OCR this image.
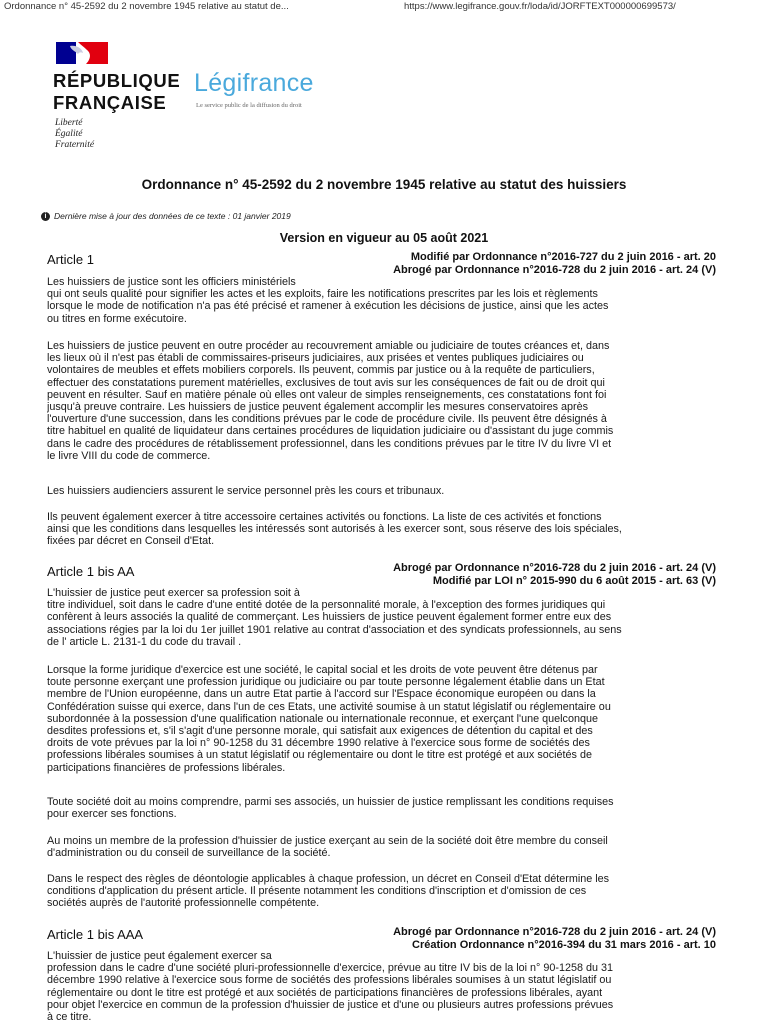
Ordonnance n° 45-2592 du 2 novembre 1945 relative au statut de...	https://www.legifrance.gouv.fr/loda/id/JORFTEXT000000699573/
RÉPUBLIQUE
FRANÇAISE
Liberté
Égalité
Fraternité
Légifrance
Le service public de la diffusion du droit
Ordonnance n° 45-2592 du 2 novembre 1945 relative au statut des huissiers
i Dernière mise à jour des données de ce texte : 01 janvier 2019
Version en vigueur au 05 août 2021
Article 1	Modifié par Ordonnance n°2016-727 du 2 juin 2016 - art. 20
Abrogé par Ordonnance n°2016-728 du 2 juin 2016 - art. 24 (V)
Les huissiers de justice sont les officiers ministériels
qui ont seuls qualité pour signifier les actes et les exploits, faire les notifications prescrites par les lois et règlements
lorsque le mode de notification n'a pas été précisé et ramener à exécution les décisions de justice, ainsi que les actes
ou titres en forme exécutoire.
Les huissiers de justice peuvent en outre procéder au recouvrement amiable ou judiciaire de toutes créances et, dans
les lieux où il n'est pas établi de commissaires-priseurs judiciaires, aux prisées et ventes publiques judiciaires ou
volontaires de meubles et effets mobiliers corporels. Ils peuvent, commis par justice ou à la requête de particuliers,
effectuer des constatations purement matérielles, exclusives de tout avis sur les conséquences de fait ou de droit qui
peuvent en résulter. Sauf en matière pénale où elles ont valeur de simples renseignements, ces constatations font foi
jusqu'à preuve contraire. Les huissiers de justice peuvent également accomplir les mesures conservatoires après
l'ouverture d'une succession, dans les conditions prévues par le code de procédure civile. Ils peuvent être désignés à
titre habituel en qualité de liquidateur dans certaines procédures de liquidation judiciaire ou d'assistant du juge commis
dans le cadre des procédures de rétablissement professionnel, dans les conditions prévues par le titre IV du livre VI et
le livre VIII du code de commerce.
Les huissiers audienciers assurent le service personnel près les cours et tribunaux.
Ils peuvent également exercer à titre accessoire certaines activités ou fonctions. La liste de ces activités et fonctions
ainsi que les conditions dans lesquelles les intéressés sont autorisés à les exercer sont, sous réserve des lois spéciales,
fixées par décret en Conseil d'Etat.
Article 1 bis AA	Abrogé par Ordonnance n°2016-728 du 2 juin 2016 - art. 24 (V)
Modifié par LOI n° 2015-990 du 6 août 2015 - art. 63 (V)
L'huissier de justice peut exercer sa profession soit à
titre individuel, soit dans le cadre d'une entité dotée de la personnalité morale, à l'exception des formes juridiques qui
confèrent à leurs associés la qualité de commerçant. Les huissiers de justice peuvent également former entre eux des
associations régies par la loi du 1er juillet 1901 relative au contrat d'association et des syndicats professionnels, au sens
de l' article L. 2131-1 du code du travail .
Lorsque la forme juridique d'exercice est une société, le capital social et les droits de vote peuvent être détenus par
toute personne exerçant une profession juridique ou judiciaire ou par toute personne légalement établie dans un Etat
membre de l'Union européenne, dans un autre Etat partie à l'accord sur l'Espace économique européen ou dans la
Confédération suisse qui exerce, dans l'un de ces Etats, une activité soumise à un statut législatif ou réglementaire ou
subordonnée à la possession d'une qualification nationale ou internationale reconnue, et exerçant l'une quelconque
desdites professions et, s'il s'agit d'une personne morale, qui satisfait aux exigences de détention du capital et des
droits de vote prévues par la loi n° 90-1258 du 31 décembre 1990 relative à l'exercice sous forme de sociétés des
professions libérales soumises à un statut législatif ou réglementaire ou dont le titre est protégé et aux sociétés de
participations financières de professions libérales.
Toute société doit au moins comprendre, parmi ses associés, un huissier de justice remplissant les conditions requises
pour exercer ses fonctions.
Au moins un membre de la profession d'huissier de justice exerçant au sein de la société doit être membre du conseil
d'administration ou du conseil de surveillance de la société.
Dans le respect des règles de déontologie applicables à chaque profession, un décret en Conseil d'Etat détermine les
conditions d'application du présent article. Il présente notamment les conditions d'inscription et d'omission de ces
sociétés auprès de l'autorité professionnelle compétente.
Article 1 bis AAA	Abrogé par Ordonnance n°2016-728 du 2 juin 2016 - art. 24 (V)
Création Ordonnance n°2016-394 du 31 mars 2016 - art. 10
L'huissier de justice peut également exercer sa
profession dans le cadre d'une société pluri-professionnelle d'exercice, prévue au titre IV bis de la loi n° 90-1258 du 31
décembre 1990 relative à l'exercice sous forme de sociétés des professions libérales soumises à un statut législatif ou
réglementaire ou dont le titre est protégé et aux sociétés de participations financières de professions libérales, ayant
pour objet l'exercice en commun de la profession d'huissier de justice et d'une ou plusieurs autres professions prévues
à ce titre.
